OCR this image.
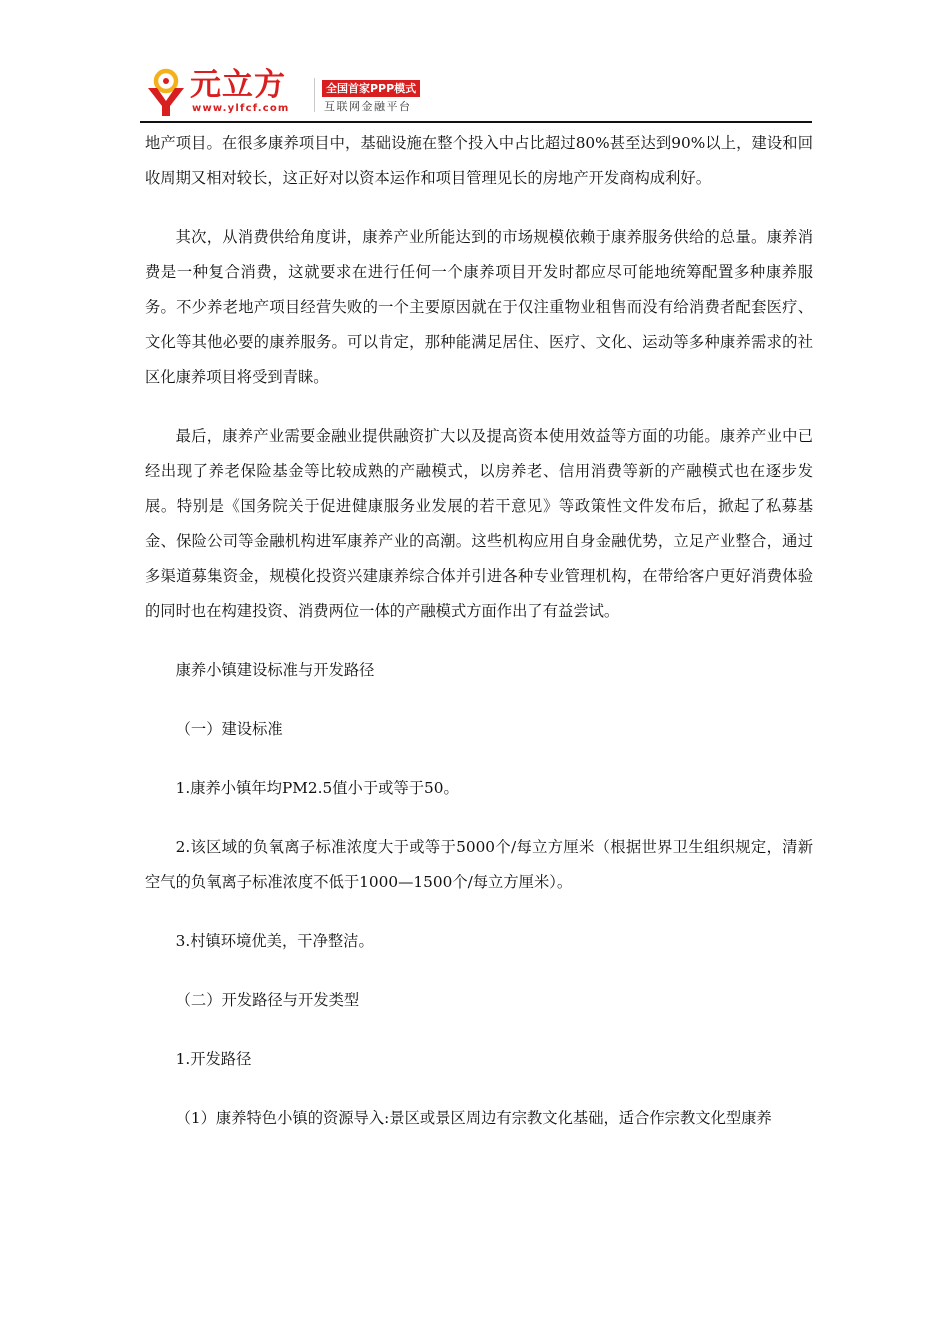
元立方
www.ylfcf.com
全国首家PPP模式
互联网金融平台

地产项目。在很多康养项目中，基础设施在整个投入中占比超过80%甚至达到90%以上，建设和回收周期又相对较长，这正好对以资本运作和项目管理见长的房地产开发商构成利好。

其次，从消费供给角度讲，康养产业所能达到的市场规模依赖于康养服务供给的总量。康养消费是一种复合消费，这就要求在进行任何一个康养项目开发时都应尽可能地统筹配置多种康养服务。不少养老地产项目经营失败的一个主要原因就在于仅注重物业租售而没有给消费者配套医疗、文化等其他必要的康养服务。可以肯定，那种能满足居住、医疗、文化、运动等多种康养需求的社区化康养项目将受到青睐。

最后，康养产业需要金融业提供融资扩大以及提高资本使用效益等方面的功能。康养产业中已经出现了养老保险基金等比较成熟的产融模式，以房养老、信用消费等新的产融模式也在逐步发展。特别是《国务院关于促进健康服务业发展的若干意见》等政策性文件发布后，掀起了私募基金、保险公司等金融机构进军康养产业的高潮。这些机构应用自身金融优势，立足产业整合，通过多渠道募集资金，规模化投资兴建康养综合体并引进各种专业管理机构，在带给客户更好消费体验的同时也在构建投资、消费两位一体的产融模式方面作出了有益尝试。

康养小镇建设标准与开发路径

（一）建设标准

1.康养小镇年均PM2.5值小于或等于50。

2.该区域的负氧离子标准浓度大于或等于5000个/每立方厘米（根据世界卫生组织规定，清新空气的负氧离子标准浓度不低于1000—1500个/每立方厘米）。

3.村镇环境优美，干净整洁。

（二）开发路径与开发类型

1.开发路径

（1）康养特色小镇的资源导入:景区或景区周边有宗教文化基础，适合作宗教文化型康养
